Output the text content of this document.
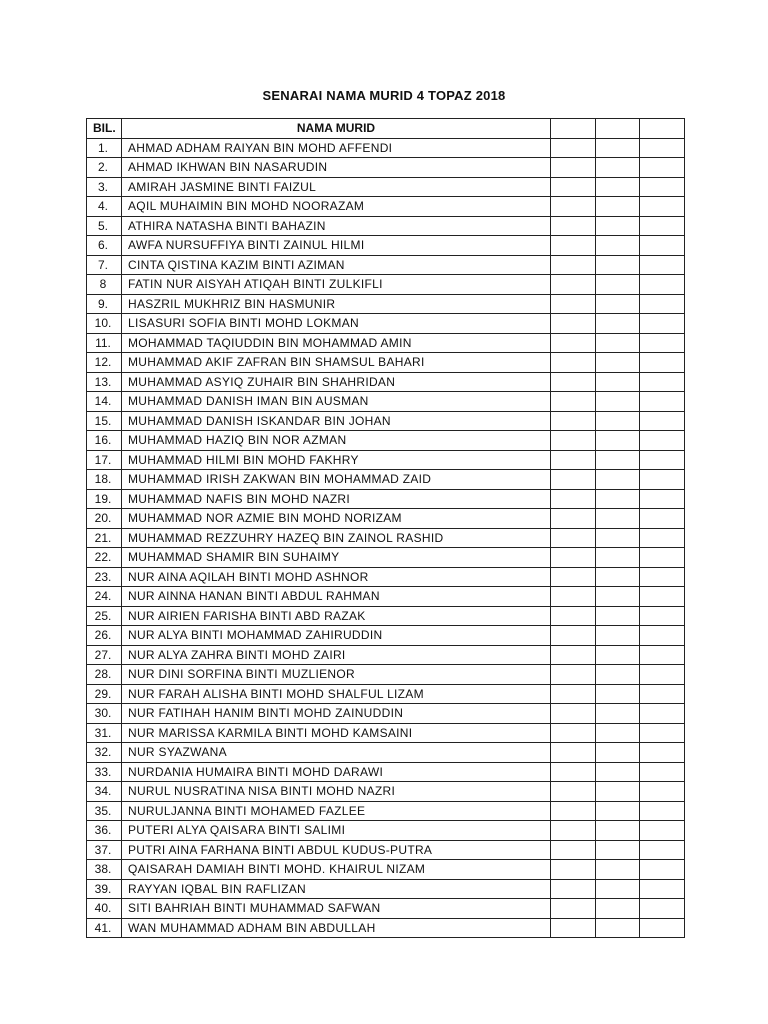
SENARAI NAMA MURID 4 TOPAZ 2018
BIL.	NAMA MURID			
1.	AHMAD ADHAM RAIYAN BIN MOHD AFFENDI			
2.	AHMAD IKHWAN BIN NASARUDIN			
3.	AMIRAH JASMINE BINTI FAIZUL			
4.	AQIL MUHAIMIN BIN MOHD NOORAZAM			
5.	ATHIRA NATASHA BINTI BAHAZIN			
6.	AWFA NURSUFFIYA BINTI ZAINUL HILMI			
7.	CINTA QISTINA KAZIM BINTI AZIMAN			
8	FATIN NUR AISYAH ATIQAH BINTI ZULKIFLI			
9.	HASZRIL MUKHRIZ BIN HASMUNIR			
10.	LISASURI SOFIA BINTI MOHD LOKMAN			
11.	MOHAMMAD TAQIUDDIN BIN MOHAMMAD AMIN			
12.	MUHAMMAD AKIF ZAFRAN BIN SHAMSUL BAHARI			
13.	MUHAMMAD ASYIQ ZUHAIR BIN SHAHRIDAN			
14.	MUHAMMAD DANISH IMAN BIN AUSMAN			
15.	MUHAMMAD DANISH ISKANDAR BIN JOHAN			
16.	MUHAMMAD HAZIQ BIN NOR AZMAN			
17.	MUHAMMAD HILMI BIN MOHD FAKHRY			
18.	MUHAMMAD IRISH ZAKWAN BIN MOHAMMAD ZAID			
19.	MUHAMMAD NAFIS BIN MOHD NAZRI			
20.	MUHAMMAD NOR AZMIE BIN MOHD NORIZAM			
21.	MUHAMMAD REZZUHRY HAZEQ BIN ZAINOL RASHID			
22.	MUHAMMAD SHAMIR BIN SUHAIMY			
23.	NUR AINA AQILAH BINTI MOHD ASHNOR			
24.	NUR AINNA HANAN BINTI ABDUL RAHMAN			
25.	NUR AIRIEN FARISHA BINTI ABD RAZAK			
26.	NUR ALYA BINTI MOHAMMAD ZAHIRUDDIN			
27.	NUR ALYA ZAHRA BINTI MOHD ZAIRI			
28.	NUR DINI SORFINA BINTI MUZLIENOR			
29.	NUR FARAH ALISHA BINTI MOHD SHALFUL LIZAM			
30.	NUR FATIHAH HANIM BINTI MOHD ZAINUDDIN			
31.	NUR MARISSA KARMILA BINTI MOHD KAMSAINI			
32.	NUR SYAZWANA			
33.	NURDANIA HUMAIRA BINTI MOHD DARAWI			
34.	NURUL NUSRATINA NISA BINTI MOHD NAZRI			
35.	NURULJANNA BINTI MOHAMED FAZLEE			
36.	PUTERI ALYA QAISARA BINTI SALIMI			
37.	PUTRI AINA FARHANA BINTI ABDUL KUDUS-PUTRA			
38.	QAISARAH DAMIAH BINTI MOHD. KHAIRUL NIZAM			
39.	RAYYAN IQBAL BIN RAFLIZAN			
40.	SITI BAHRIAH BINTI MUHAMMAD SAFWAN			
41.	WAN MUHAMMAD ADHAM BIN ABDULLAH			
